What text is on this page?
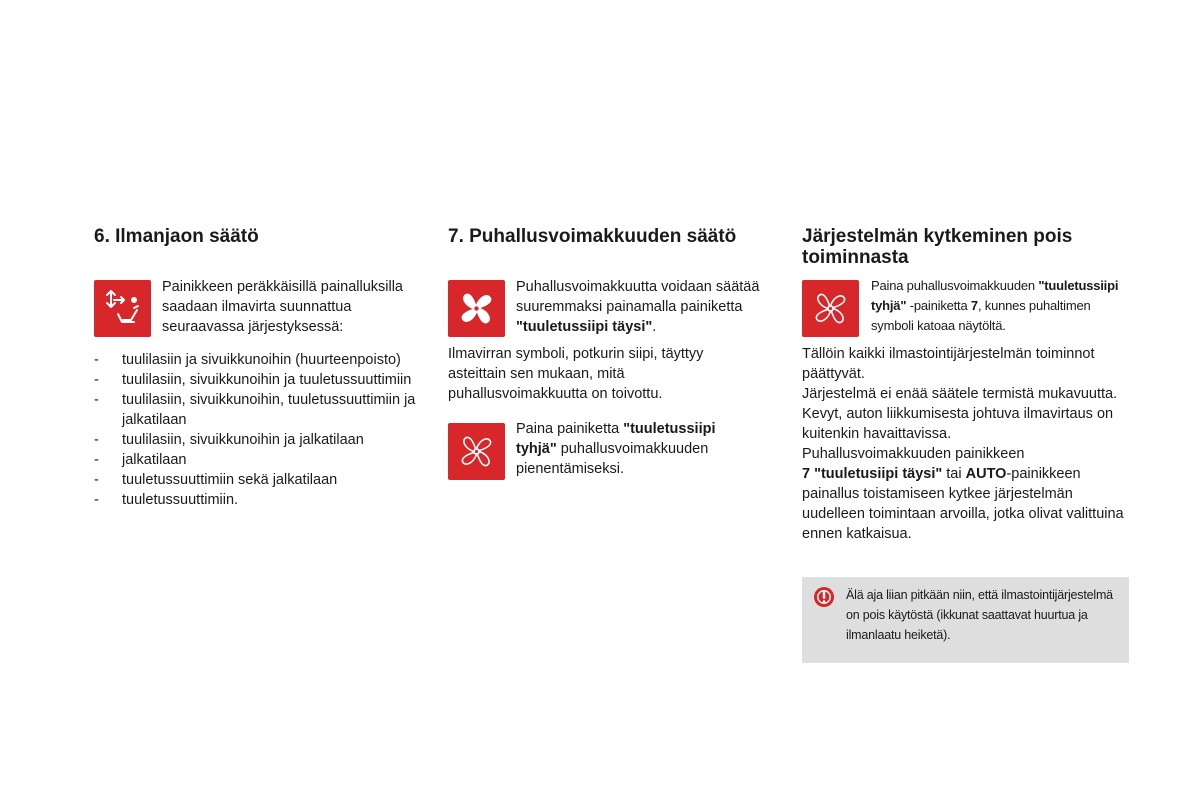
6. Ilmanjaon säätö

Painikkeen peräkkäisillä painalluksilla saadaan ilmavirta suunnattua seuraavassa järjestyksessä:

- tuulilasiin ja sivuikkunoihin (huurteenpoisto)
- tuulilasiin, sivuikkunoihin ja tuuletussuuttimiin
- tuulilasiin, sivuikkunoihin, tuuletussuuttimiin ja jalkatilaan
- tuulilasiin, sivuikkunoihin ja jalkatilaan
- jalkatilaan
- tuuletussuuttimiin sekä jalkatilaan
- tuuletussuuttimiin.
7. Puhallusvoimakkuuden säätö

Puhallusvoimakkuutta voidaan säätää suuremmaksi painamalla painiketta "tuuletussiipi täysi".

Ilmavirran symboli, potkurin siipi, täyttyy asteittain sen mukaan, mitä puhallusvoimakkuutta on toivottu.

Paina painiketta "tuuletussiipi tyhjä" puhallusvoimakkuuden pienentämiseksi.

Järjestelmän kytkeminen pois toiminnasta

Paina puhallusvoimakkuuden "tuuletussiipi tyhjä" -painiketta 7, kunnes puhaltimen symboli katoaa näytöltä.

Tällöin kaikki ilmastointijärjestelmän toiminnot päättyvät.

Järjestelmä ei enää säätele termistä mukavuutta. Kevyt, auton liikkumisesta johtuva ilmavirtaus on kuitenkin havaittavissa.

Puhallusvoimakkuuden painikkeen

7 "tuuletusiipi täysi" tai AUTO-painikkeen painallus toistamiseen kytkee järjestelmän uudelleen toimintaan arvoilla, jotka olivat valittuina ennen katkaisua.

Älä aja liian pitkään niin, että ilmastointijärjestelmä on pois käytöstä (ikkunat saattavat huurtua ja ilmanlaatu heiketä).
